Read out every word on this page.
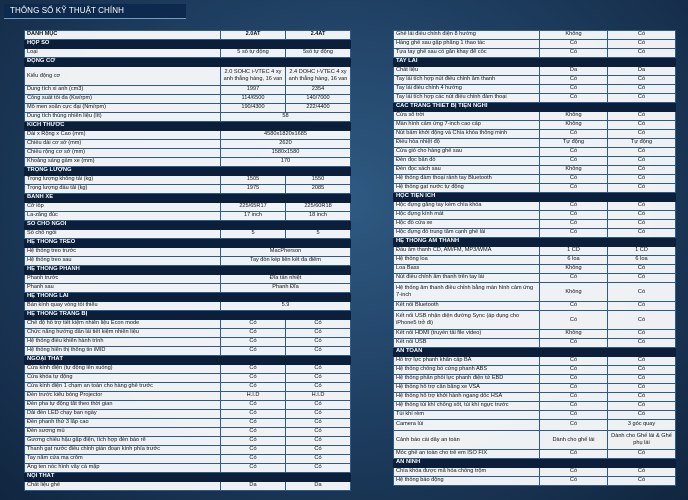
THÔNG SỐ KỸ THUẬT CHÍNH
DANH MỤC	2.0AT	2.4AT
HỘP SỐ		
Loại	5 số tự động	5số tự động
ĐỘNG CƠ		
Kiểu động cơ	2.0 SOHC i-VTEC 4 xy anh thẳng hàng, 16 van	2.4 DOHC i-VTEC 4 xy anh thẳng hàng, 16 van
Dung tích xi anh (cm3)	1997	2354
Công suất tối đa (Kw/rpm)	114/6500	140/7000
Mô men xoắn cực đại (Nm/rpm)	190/4300	222/4400
Dung tích thùng nhiên liệu (lít)	58	
KÍCH THƯỚC		
Dài x Rộng x Cao (mm)	4580x1820x1685	
Chiều dài cơ sở (mm)	2620	
Chiều rộng cơ sở (mm)	1580x1580	
Khoảng sáng gầm xe (mm)	170	
TRỌNG LƯỢNG		
Trọng lượng không tải (kg)	1505	1550
Trọng lượng đầu tải (kg)	1975	2085
BÁNH XE		
Cỡ lốp	225/65R17	225/60R18
La-zăng đúc	17 inch	18 inch
SỐ CHỖ NGỒI		
Số chỗ ngồi	5	5
HỆ THỐNG TREO		
Hệ thống treo trước	MacPherson	
Hệ thống treo sau	Tay đòn kép liên kết đa điểm	
HỆ THỐNG PHANH		
Phanh trước	Đĩa tản nhiệt	
Phanh sau	Phanh Đĩa	
HỆ THỐNG LÁI		
Bán kính quay vòng tối thiểu	5.9	
HỆ THỐNG TRANG BỊ		
Chế độ hỗ trợ tiết kiệm nhiên liệu Econ mode	Có	Có
Chức năng hướng dẫn lái tiết kiệm nhiên liệu	Có	Có
Hệ thống điều khiển hành trình	Có	Có
Hệ thống hiển thị thông tin iMID	Có	Có
NGOẠI THẤT		
Cửa kính điện (tự động lên xuống)	Có	Có
Cửa khóa tự động	Có	Có
Cửa kính điện 1 chạm an toàn cho hàng ghế trước	Có	Có
Đèn trước kiểu bóng Projector	H.I.D	H.I.D
Đèn pha tự động tắt theo thời gian	Có	Có
Dải đèn LED chạy ban ngày	Có	Có
Đèn phanh thứ 3 lắp cao	Có	Có
Đèn sương mù	Có	Có
Gương chiếu hậu gập điện, tích hợp đèn báo rẽ	Có	Có
Thanh gạt nước điều chỉnh gián đoạn kính phía trước	Có	Có
Tay nắm cửa mạ crôm	Có	Có
Ăng ten nóc hình vây cá mập	Có	Có
NỘI THẤT		
Chất liệu ghế	Da	Da
Ghế lái điều chỉnh điện 8 hướng	Không	Có
Hàng ghế sau gập phẳng 1 thao tác	Có	Có
Tựa tay ghế sau có gắn khay để cốc	Có	Có
TAY LÁI		
Chất liệu	Da	Da
Tay lái tích hợp nút điều chỉnh âm thanh	Có	Có
Tay lái điều chỉnh 4 hướng	Có	Có
Tay lái tích hợp các nút điều chỉnh đàm thoại	Có	Có
CÁC TRANG THIẾT BỊ TIỆN NGHI		
Cửa sổ trời	Không	Có
Màn hình cảm ứng 7-inch cao cấp	Không	Có
Nút bấm khởi động và Chìa khóa thông minh	Có	Có
Điều hòa nhiệt độ	Tự động	Tự động
Cửa gió cho hàng ghế sau	Có	Có
Đèn đọc bản đồ	Có	Có
Đèn đọc sách sau	Không	Có
Hệ thống đàm thoại rảnh tay Bluetooth	Có	Có
Hệ thống gạt nước tự động	Có	Có
HỘC TIỆN ÍCH		
Hộc đựng găng tay kèm chìa khóa	Có	Có
Hộc đựng kính mát	Có	Có
Hộc đồ cửa xe	Có	Có
Hộc đựng đồ trung tâm cạnh ghế lái	Có	Có
HỆ THỐNG ÂM THANH		
Đầu âm thanh CD, AM/FM, MP3/WMA	1 CD	1 CD
Hệ thống loa	6 loa	6 loa
Loa Bass	Không	Có
Nút điều chỉnh âm thanh trên tay lái	Có	Có
Hệ thống âm thanh điều chỉnh bằng màn hình cảm ứng 7-inch	Không	Có
Kết nối Bluetooth	Có	Có
Kết nối USB nhận diện đường Sync (áp dụng cho iPhone5 trở đi)	Có	Có
Kết nối HDMI (truyền tải file video)	Không	Có
Kết nối USB	Có	Có
AN TOÀN		
Hỗ trợ lực phanh khẩn cấp BA	Có	Có
Hệ thống chống bó cứng phanh ABS	Có	Có
Hệ thống phân phối lực phanh điện tử EBD	Có	Có
Hệ thống hỗ trợ cân bằng xe VSA	Có	Có
Hệ thống hỗ trợ khởi hành ngang dốc HSA	Có	Có
Hệ thống túi khí chống sốt, túi khí ngực trước	Có	Có
Túi khí rèm	Có	Có
Camera lùi	Có	3 góc quay
Cảnh báo cài dây an toàn	Dành cho ghế lái	Dành cho Ghế lái & Ghế phụ lái
Móc ghế an toàn cho trẻ em ISO FIX	Có	Có
AN NINH		
Chìa khóa được mã hóa chống trộm	Có	Có
Hệ thống báo động	Có	Có
